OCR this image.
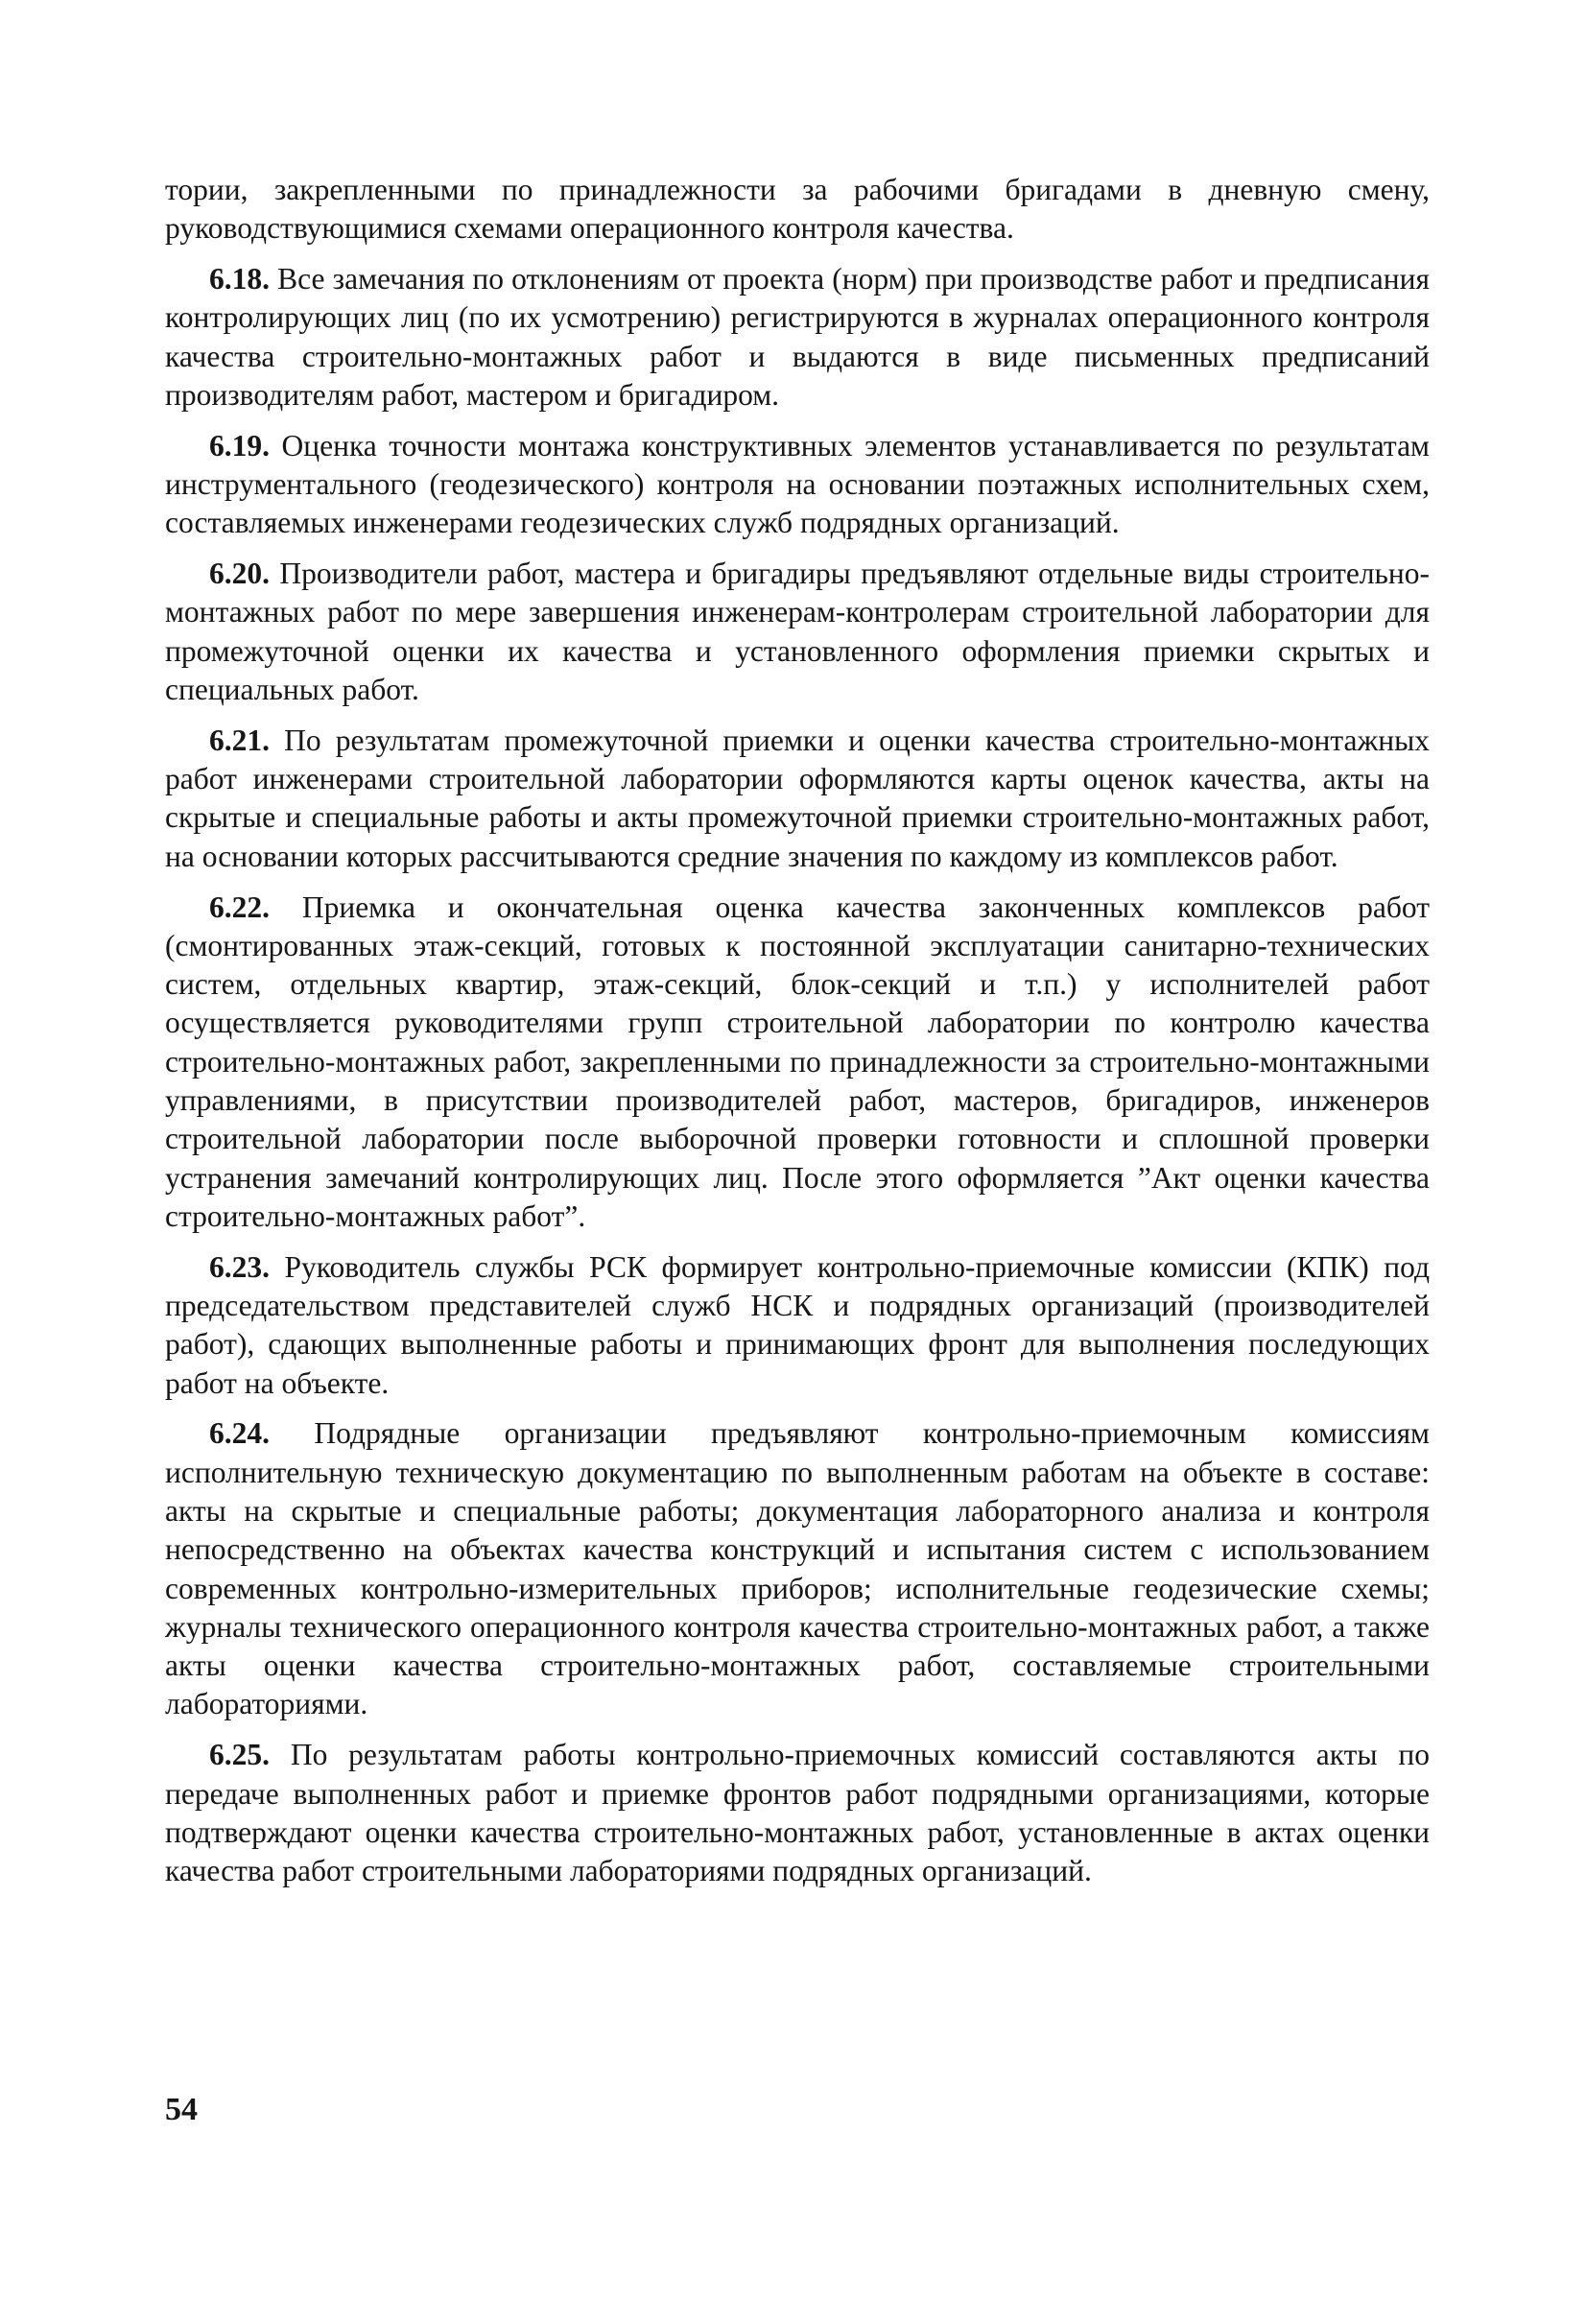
тории, закрепленными по принадлежности за рабочими бригадами в дневную смену, руководствующимися схемами операционного контроля качества.

6.18. Все замечания по отклонениям от проекта (норм) при производстве работ и предписания контролирующих лиц (по их усмотрению) регистрируются в журналах операционного контроля качества строительно-монтажных работ и выдаются в виде письменных предписаний производителям работ, мастером и бригадиром.

6.19. Оценка точности монтажа конструктивных элементов устанавливается по результатам инструментального (геодезического) контроля на основании поэтажных исполнительных схем, составляемых инженерами геодезических служб подрядных организаций.

6.20. Производители работ, мастера и бригадиры предъявляют отдельные виды строительно-монтажных работ по мере завершения инженерам-контролерам строительной лаборатории для промежуточной оценки их качества и установленного оформления приемки скрытых и специальных работ.

6.21. По результатам промежуточной приемки и оценки качества строительно-монтажных работ инженерами строительной лаборатории оформляются карты оценок качества, акты на скрытые и специальные работы и акты промежуточной приемки строительно-монтажных работ, на основании которых рассчитываются средние значения по каждому из комплексов работ.

6.22. Приемка и окончательная оценка качества законченных комплексов работ (смонтированных этаж-секций, готовых к постоянной эксплуатации санитарно-технических систем, отдельных квартир, этаж-секций, блок-секций и т.п.) у исполнителей работ осуществляется руководителями групп строительной лаборатории по контролю качества строительно-монтажных работ, закрепленными по принадлежности за строительно-монтажными управлениями, в присутствии производителей работ, мастеров, бригадиров, инженеров строительной лаборатории после выборочной проверки готовности и сплошной проверки устранения замечаний контролирующих лиц. После этого оформляется ”Акт оценки качества строительно-монтажных работ”.

6.23. Руководитель службы РСК формирует контрольно-приемочные комиссии (КПК) под председательством представителей служб НСК и подрядных организаций (производителей работ), сдающих выполненные работы и принимающих фронт для выполнения последующих работ на объекте.

6.24. Подрядные организации предъявляют контрольно-приемочным комиссиям исполнительную техническую документацию по выполненным работам на объекте в составе: акты на скрытые и специальные работы; документация лабораторного анализа и контроля непосредственно на объектах качества конструкций и испытания систем с использованием современных контрольно-измерительных приборов; исполнительные геодезические схемы; журналы технического операционного контроля качества строительно-монтажных работ, а также акты оценки качества строительно-монтажных работ, составляемые строительными лабораториями.

6.25. По результатам работы контрольно-приемочных комиссий составляются акты по передаче выполненных работ и приемке фронтов работ подрядными организациями, которые подтверждают оценки качества строительно-монтажных работ, установленные в актах оценки качества работ строительными лабораториями подрядных организаций.

54
